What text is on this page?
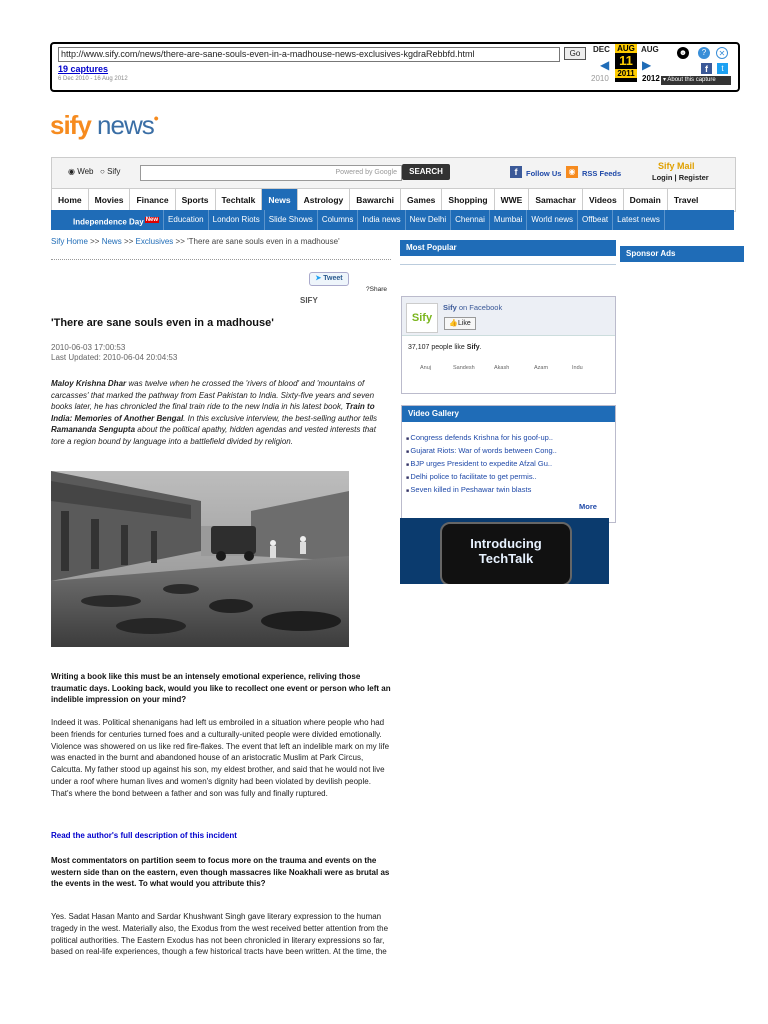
http://www.sify.com/news/there-are-sane-souls-even-in-a-madhouse-news-exclusives-kgdraRebbfd.html	Go	DEC AUG
11
2011
AUG
◀	▶
2010	2012
19 captures
6 Dec 2010 - 16 Aug 2012
☻	?	✕
f	t
▾ About this capture
sify news•
◉ Web ○ Sify	Powered by Google	SEARCH	f	Follow Us ◉ RSS Feeds
Sify Mail
Login | Register
Home	Movies	Finance	Sports	Techtalk	News	Astrology	Bawarchi	Games	Shopping	WWE	Samachar	Videos	Domain	Travel
Independence Day $^{New}$	Education	London Riots	Slide Shows	Columns	India news	New Delhi	Chennai	Mumbai	World news	Offbeat	Latest news
Sify Home >> News >> Exclusives >> 'There are sane souls even in a madhouse'
➤ Tweet
?Share
SIFY
'There are sane souls even in a madhouse'
2010-06-03 17:00:53
Last Updated: 2010-06-04 20:04:53
Maloy Krishna Dhar was twelve when he crossed the 'rivers of blood' and 'mountains of carcasses' that marked the pathway from East Pakistan to India. Sixty-five years and seven books later, he has chronicled the final train ride to the new India in his latest book, Train to India: Memories of Another Bengal. In this exclusive interview, the best-selling author tells Ramananda Sengupta about the political apathy, hidden agendas and vested interests that tore a region bound by language into a battlefield divided by religion.
Writing a book like this must be an intensely emotional experience, reliving those traumatic days. Looking back, would you like to recollect one event or person who left an indelible impression on your mind?
Indeed it was. Political shenanigans had left us embroiled in a situation where people who had been friends for centuries turned foes and a culturally-united people were divided emotionally. Violence was showered on us like red fire-flakes. The event that left an indelible mark on my life was enacted in the burnt and abandoned house of an aristocratic Muslim at Park Circus, Calcutta. My father stood up against his son, my eldest brother, and said that he would not live under a roof where human lives and women's dignity had been violated by devilish people. That's where the bond between a father and son was fully and finally ruptured.
Read the author's full description of this incident
Most commentators on partition seem to focus more on the trauma and events on the western side than on the eastern, even though massacres like Noakhali were as brutal as the events in the west. To what would you attribute this?
Yes. Sadat Hasan Manto and Sardar Khushwant Singh gave literary expression to the human tragedy in the west. Materially also, the Exodus from the west received better attention from the political authorities. The Eastern Exodus has not been chronicled in literary expressions so far, based on real-life experiences, though a few historical tracts have been written. At the time, the
Most Popular
Sponsor Ads
Sify
Sify on Facebook
👍Like
37,107 people like Sify.
Anuj	Sandesh	Akash	Azam	Indu
Video Gallery
■ Congress defends Krishna for his goof-up..
■ Gujarat Riots: War of words between Cong..
■ BJP urges President to expedite Afzal Gu..
■ Delhi police to facilitate to get permis..
■ Seven killed in Peshawar twin blasts
More
Introducing
TechTalk
